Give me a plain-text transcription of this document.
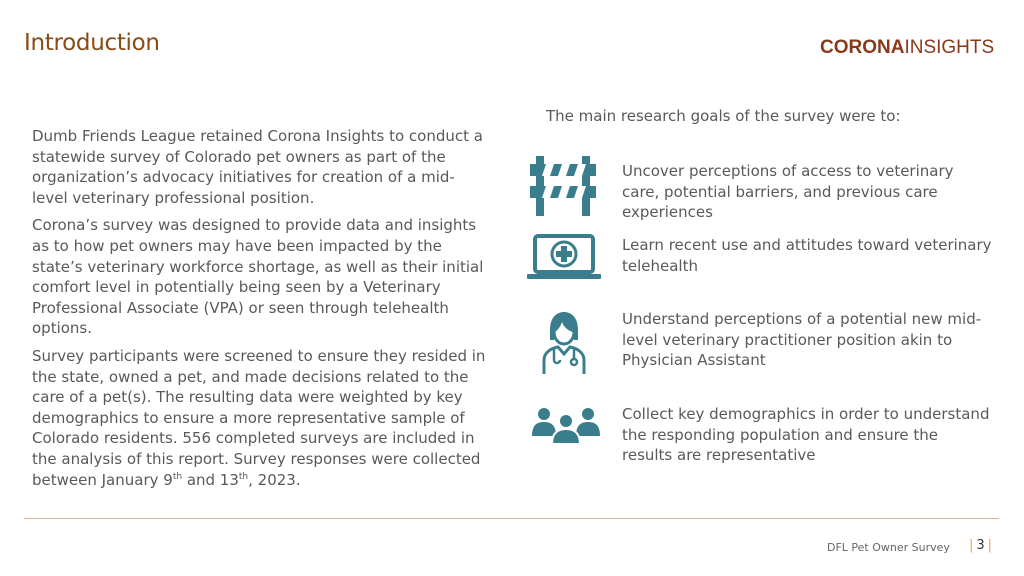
Introduction	CORONAINSIGHTS

Dumb Friends League retained Corona Insights to conduct a statewide survey of Colorado pet owners as part of the organization’s advocacy initiatives for creation of a mid-level veterinary professional position.

Corona’s survey was designed to provide data and insights as to how pet owners may have been impacted by the state’s veterinary workforce shortage, as well as their initial comfort level in potentially being seen by a Veterinary Professional Associate (VPA) or seen through telehealth options.

Survey participants were screened to ensure they resided in the state, owned a pet, and made decisions related to the care of a pet(s). The resulting data were weighted by key demographics to ensure a more representative sample of Colorado residents. 556 completed surveys are included in the analysis of this report. Survey responses were collected between January 9th and 13th, 2023.

The main research goals of the survey were to:
Uncover perceptions of access to veterinary care, potential barriers, and previous care experiences
Learn recent use and attitudes toward veterinary telehealth
Understand perceptions of a potential new mid-level veterinary practitioner position akin to Physician Assistant
Collect key demographics in order to understand the responding population and ensure the results are representative
DFL Pet Owner Survey | 3 |
